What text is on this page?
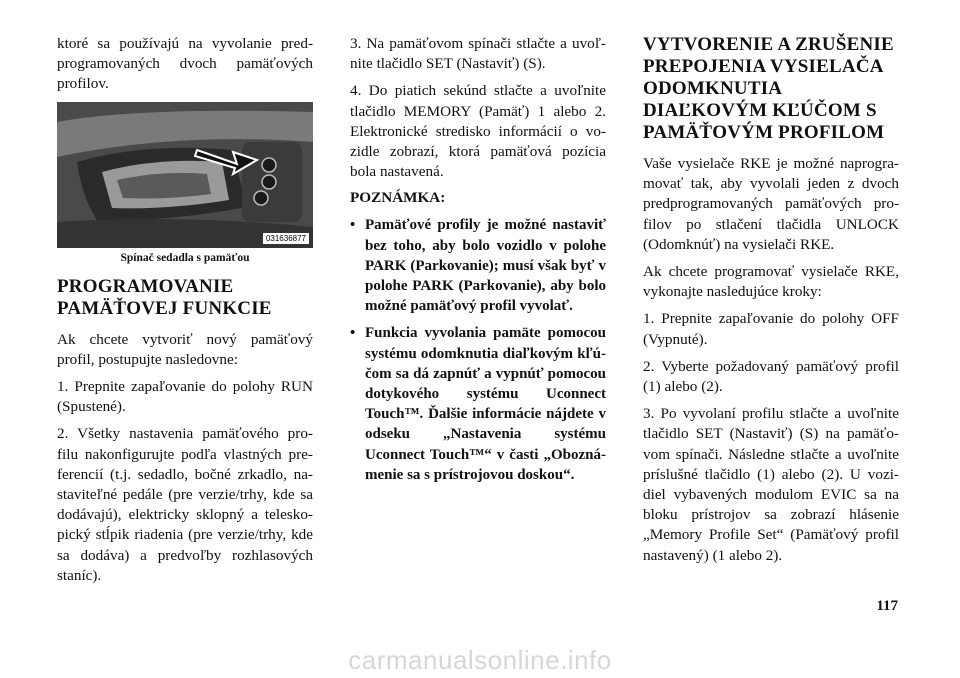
ktoré sa používajú na vyvolanie pred-programovaných dvoch pamäťových profilov.

031636877
Spínač sedadla s pamäťou
PROGRAMOVANIE PAMÄŤOVEJ FUNKCIE

Ak chcete vytvoriť nový pamäťový profil, postupujte nasledovne:

1. Prepnite zapaľovanie do polohy RUN (Spustené).

2. Všetky nastavenia pamäťového pro-filu nakonfigurujte podľa vlastných pre-ferencií (t.j. sedadlo, bočné zrkadlo, na-staviteľné pedále (pre verzie/trhy, kde sa dodávajú), elektricky sklopný a telesko-pický stĺpik riadenia (pre verzie/trhy, kde sa dodáva) a predvoľby rozhlasových staníc).

3. Na pamäťovom spínači stlačte a uvoľ-nite tlačidlo SET (Nastaviť) (S).

4. Do piatich sekúnd stlačte a uvoľnite tlačidlo MEMORY (Pamäť) 1 alebo 2. Elektronické stredisko informácií o vo-zidle zobrazí, ktorá pamäťová pozícia bola nastavená.

POZNÁMKA:
• Pamäťové profily je možné nastaviť bez toho, aby bolo vozidlo v polohe PARK (Parkovanie); musí však byť v polohe PARK (Parkovanie), aby bolo možné pamäťový profil vyvolať.
• Funkcia vyvolania pamäte pomocou systému odomknutia diaľkovým kľú-čom sa dá zapnúť a vypnúť pomocou dotykového systému Uconnect Touch™. Ďalšie informácie nájdete v odseku „Nastavenia systému Uconnect Touch™“ v časti „Obozná-menie sa s prístrojovou doskou“.
VYTVORENIE A ZRUŠENIE PREPOJENIA VYSIELAČA ODOMKNUTIA DIAĽKOVÝM KĽÚČOM S PAMÄŤOVÝM PROFILOM

Vaše vysielače RKE je možné naprogra-movať tak, aby vyvolali jeden z dvoch predprogramovaných pamäťových pro-filov po stlačení tlačidla UNLOCK (Odomknúť) na vysielači RKE.

Ak chcete programovať vysielače RKE, vykonajte nasledujúce kroky:

1. Prepnite zapaľovanie do polohy OFF (Vypnuté).

2. Vyberte požadovaný pamäťový profil (1) alebo (2).

3. Po vyvolaní profilu stlačte a uvoľnite tlačidlo SET (Nastaviť) (S) na pamäťo-vom spínači. Následne stlačte a uvoľnite príslušné tlačidlo (1) alebo (2). U vozi-diel vybavených modulom EVIC sa na bloku prístrojov sa zobrazí hlásenie „Memory Profile Set“ (Pamäťový profil nastavený) (1 alebo 2).

117
carmanualsonline.info
